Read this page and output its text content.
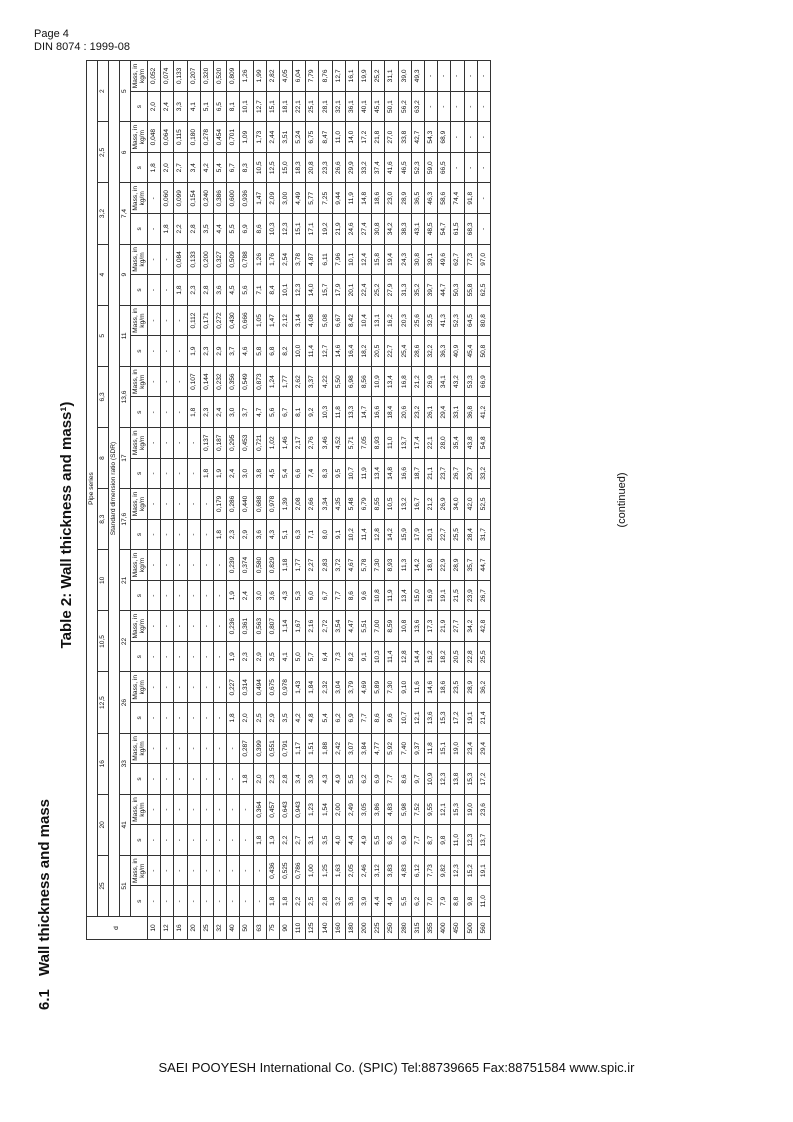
Page 4
DIN 8074 : 1999-08
6.1Wall thickness and mass
Table 2: Wall thickness and mass¹)
d	Pipe series																											
	25		20		16		12,5		10,5		10		8,3		8		6,3		5		4		3,2		2,5		2	
	Standard dimension ratio (SDR)																											
	51		41		33		26		22		21		17,6		17		13,6		11		9		7,4		6		5	
	s	Mass, in kg/m	s	Mass, in kg/m	s	Mass, in kg/m	s	Mass, in kg/m	s	Mass, in kg/m	s	Mass, in kg/m	s	Mass, in kg/m	s	Mass, in kg/m	s	Mass, in kg/m	s	Mass, in kg/m	s	Mass, in kg/m	s	Mass, in kg/m	s	Mass, in kg/m	s	Mass, in kg/m
10	-	-	-	-	-	-	-	-	-	-	-	-	-	-	-	-	-	-	-	-	-	-	-	-	1,8	0,048	2,0	0,052
12	-	-	-	-	-	-	-	-	-	-	-	-	-	-	-	-	-	-	-	-	-	-	1,8	0,060	2,0	0,064	2,4	0,074
16	-	-	-	-	-	-	-	-	-	-	-	-	-	-	-	-	-	-	-	-	1,8	0,084	2,2	0,099	2,7	0,115	3,3	0,133
20	-	-	-	-	-	-	-	-	-	-	-	-	-	-	-	-	1,8	0,107	1,9	0,112	2,3	0,133	2,8	0,154	3,4	0,180	4,1	0,207
25	-	-	-	-	-	-	-	-	-	-	-	-	-	-	1,8	0,137	2,3	0,144	2,3	0,171	2,8	0,200	3,5	0,240	4,2	0,278	5,1	0,320
32	-	-	-	-	-	-	-	-	-	-	-	-	1,8	0,179	1,9	0,187	2,4	0,232	2,9	0,272	3,6	0,327	4,4	0,386	5,4	0,454	6,5	0,520
40	-	-	-	-	-	-	1,8	0,227	1,9	0,236	1,9	0,239	2,3	0,286	2,4	0,295	3,0	0,356	3,7	0,430	4,5	0,509	5,5	0,600	6,7	0,701	8,1	0,809
50	-	-	-	-	1,8	0,287	2,0	0,314	2,3	0,361	2,4	0,374	2,9	0,440	3,0	0,453	3,7	0,549	4,6	0,666	5,6	0,788	6,9	0,936	8,3	1,09	10,1	1,26
63	-	-	1,8	0,364	2,0	0,399	2,5	0,494	2,9	0,563	3,0	0,580	3,6	0,688	3,8	0,721	4,7	0,873	5,8	1,05	7,1	1,26	8,6	1,47	10,5	1,73	12,7	1,99
75	1,8	0,436	1,9	0,457	2,3	0,551	2,9	0,675	3,5	0,807	3,6	0,829	4,3	0,978	4,5	1,02	5,6	1,24	6,8	1,47	8,4	1,76	10,3	2,09	12,5	2,44	15,1	2,82
90	1,8	0,525	2,2	0,643	2,8	0,791	3,5	0,978	4,1	1,14	4,3	1,18	5,1	1,39	5,4	1,46	6,7	1,77	8,2	2,12	10,1	2,54	12,3	3,00	15,0	3,51	18,1	4,05
110	2,2	0,786	2,7	0,943	3,4	1,17	4,2	1,43	5,0	1,67	5,3	1,77	6,3	2,08	6,6	2,17	8,1	2,62	10,0	3,14	12,3	3,78	15,1	4,49	18,3	5,24	22,1	6,04
125	2,5	1,00	3,1	1,23	3,9	1,51	4,8	1,84	5,7	2,16	6,0	2,27	7,1	2,66	7,4	2,76	9,2	3,37	11,4	4,08	14,0	4,87	17,1	5,77	20,8	6,75	25,1	7,79
140	2,8	1,25	3,5	1,54	4,3	1,88	5,4	2,32	6,4	2,72	6,7	2,83	8,0	3,34	8,3	3,46	10,3	4,22	12,7	5,08	15,7	6,11	19,2	7,25	23,3	8,47	28,1	8,76
160	3,2	1,63	4,0	2,00	4,9	2,42	6,2	3,04	7,3	3,54	7,7	3,72	9,1	4,35	9,5	4,52	11,8	5,50	14,6	6,67	17,9	7,96	21,9	9,44	26,6	11,0	32,1	12,7
180	3,6	2,05	4,4	2,49	5,5	3,07	6,9	3,79	8,2	4,47	8,6	4,67	10,2	5,48	10,7	5,71	13,3	6,98	16,4	8,42	20,1	10,1	24,6	11,9	29,9	14,0	36,1	16,1
200	3,9	2,46	4,9	3,05	6,2	3,84	7,7	4,69	9,1	5,51	9,6	5,78	11,4	6,79	11,9	7,05	14,7	8,56	18,2	10,4	22,4	12,4	27,4	14,8	33,2	17,2	40,1	19,9
225	4,4	3,12	5,5	3,86	6,9	4,77	8,6	5,89	10,3	7,00	10,8	7,30	12,8	8,55	13,4	8,93	16,6	10,9	20,5	13,1	25,2	15,8	30,8	18,6	37,4	21,8	45,1	25,2
250	4,9	3,83	6,2	4,83	7,7	5,92	9,6	7,30	11,4	8,59	11,9	8,93	14,2	10,5	14,8	11,0	18,4	13,4	22,7	16,2	27,9	19,4	34,2	23,0	41,6	27,0	50,1	31,1
280	5,5	4,83	6,9	5,98	8,6	7,40	10,7	9,10	12,8	10,8	13,4	11,3	15,9	13,2	16,6	13,7	20,6	16,8	25,4	20,3	31,3	24,3	38,3	28,9	46,5	33,8	56,2	39,0
315	6,2	6,12	7,7	7,52	9,7	9,37	12,1	11,6	14,4	13,6	15,0	14,2	17,9	16,7	18,7	17,4	23,2	21,2	28,6	25,6	35,2	30,8	43,1	36,5	52,3	42,7	63,2	49,3
355	7,0	7,73	8,7	9,55	10,9	11,8	13,6	14,6	16,2	17,3	16,9	18,0	20,1	21,2	21,1	22,1	26,1	26,9	32,2	32,5	39,7	39,1	48,5	46,3	59,0	54,3	-	-
400	7,9	9,82	9,8	12,1	12,3	15,1	15,3	18,6	18,2	21,9	19,1	22,9	22,7	26,9	23,7	28,0	29,4	34,1	36,3	41,3	44,7	49,6	54,7	58,6	66,5	68,9	-	-
450	8,8	12,3	11,0	15,3	13,8	19,0	17,2	23,5	20,5	27,7	21,5	28,9	25,5	34,0	26,7	35,4	33,1	43,2	40,9	52,3	50,3	62,7	61,5	74,4	-	-	-	-
500	9,8	15,2	12,3	19,0	15,3	23,4	19,1	28,9	22,8	34,2	23,9	35,7	28,4	42,0	29,7	43,8	36,8	53,3	45,4	64,5	55,8	77,3	68,3	91,8	-	-	-	-
560	11,0	19,1	13,7	23,6	17,2	29,4	21,4	36,2	25,5	42,8	26,7	44,7	31,7	52,5	33,2	54,8	41,2	66,9	50,8	80,8	62,5	97,0	-	-	-	-	-	-
(continued)
SAEI POOYESH International Co. (SPIC) Tel:88739665 Fax:88751584 www.spic.ir
